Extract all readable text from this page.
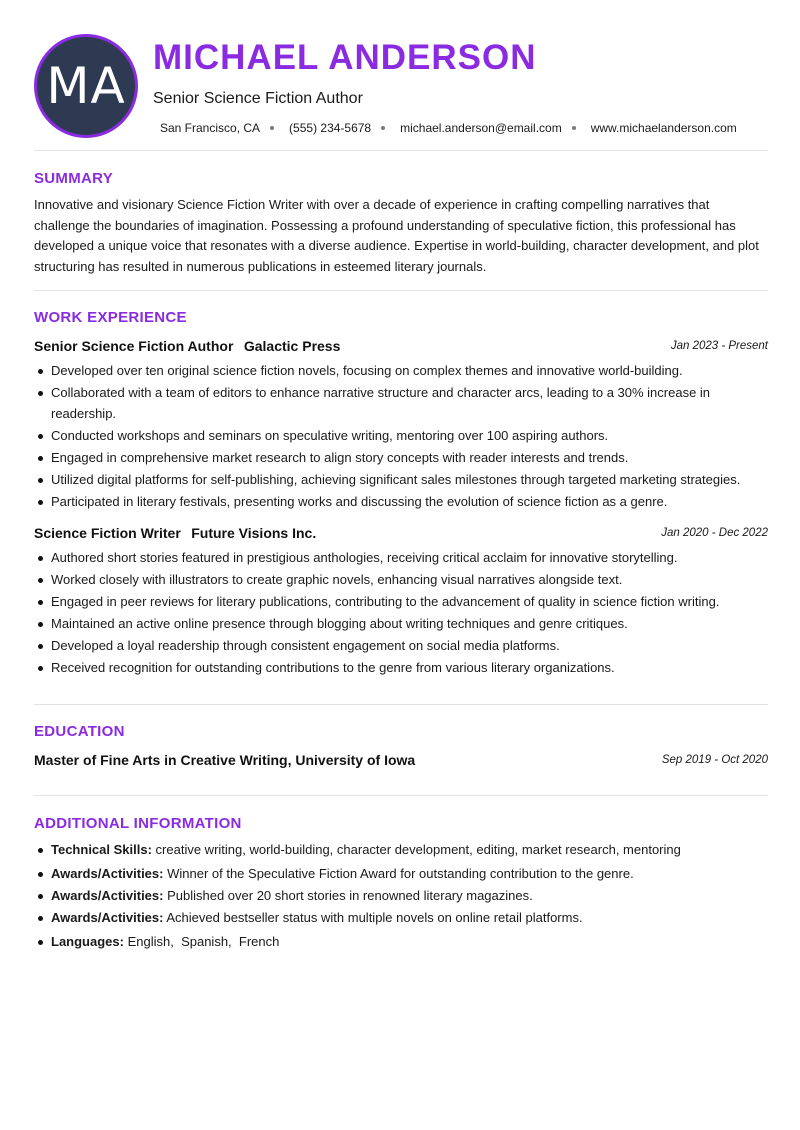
MA MICHAEL ANDERSON
Senior Science Fiction Author
San Francisco, CA (555) 234-5678 michael.anderson@email.com www.michaelanderson.com
SUMMARY

Innovative and visionary Science Fiction Writer with over a decade of experience in crafting compelling narratives that challenge the boundaries of imagination. Possessing a profound understanding of speculative fiction, this professional has developed a unique voice that resonates with a diverse audience. Expertise in world-building, character development, and plot structuring has resulted in numerous publications in esteemed literary journals.

WORK EXPERIENCE
Senior Science Fiction Author Galactic Press	Jan 2023 - Present
Developed over ten original science fiction novels, focusing on complex themes and innovative world-building.
Collaborated with a team of editors to enhance narrative structure and character arcs, leading to a 30% increase in readership.
Conducted workshops and seminars on speculative writing, mentoring over 100 aspiring authors.
Engaged in comprehensive market research to align story concepts with reader interests and trends.
Utilized digital platforms for self-publishing, achieving significant sales milestones through targeted marketing strategies.
Participated in literary festivals, presenting works and discussing the evolution of science fiction as a genre.
Science Fiction Writer Future Visions Inc.	Jan 2020 - Dec 2022
Authored short stories featured in prestigious anthologies, receiving critical acclaim for innovative storytelling.
Worked closely with illustrators to create graphic novels, enhancing visual narratives alongside text.
Engaged in peer reviews for literary publications, contributing to the advancement of quality in science fiction writing.
Maintained an active online presence through blogging about writing techniques and genre critiques.
Developed a loyal readership through consistent engagement on social media platforms.
Received recognition for outstanding contributions to the genre from various literary organizations.
EDUCATION
Master of Fine Arts in Creative Writing, University of Iowa	Sep 2019 - Oct 2020
ADDITIONAL INFORMATION
Technical Skills: creative writing, world-building, character development, editing, market research, mentoring
Awards/Activities: Winner of the Speculative Fiction Award for outstanding contribution to the genre.
Awards/Activities: Published over 20 short stories in renowned literary magazines.
Awards/Activities: Achieved bestseller status with multiple novels on online retail platforms.
Languages: English,  Spanish,  French
